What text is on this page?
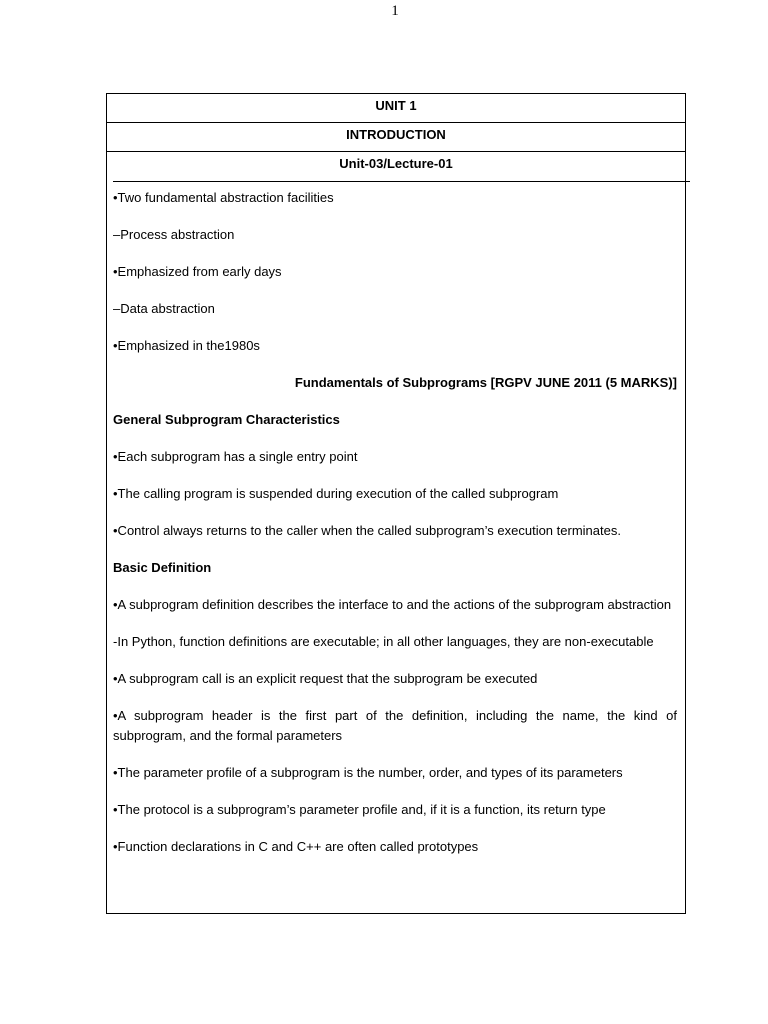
1
UNIT 1
INTRODUCTION
Unit-03/Lecture-01

•Two fundamental abstraction facilities

–Process abstraction

•Emphasized from early days

–Data abstraction

•Emphasized in the1980s

Fundamentals of Subprograms [RGPV JUNE 2011 (5 MARKS)]

General Subprogram Characteristics

•Each subprogram has a single entry point

•The calling program is suspended during execution of the called subprogram

•Control always returns to the caller when the called subprogram’s execution terminates.

Basic Definition

•A subprogram definition describes the interface to and the actions of the subprogram abstraction

-In Python, function definitions are executable; in all other languages, they are non-executable

•A subprogram call is an explicit request that the subprogram be executed

•A subprogram header is the first part of the definition, including the name, the kind of subprogram, and the formal parameters

•The parameter profile of a subprogram is the number, order, and types of its parameters

•The protocol is a subprogram’s parameter profile and, if it is a function, its return type

•Function declarations in C and C++ are often called prototypes
